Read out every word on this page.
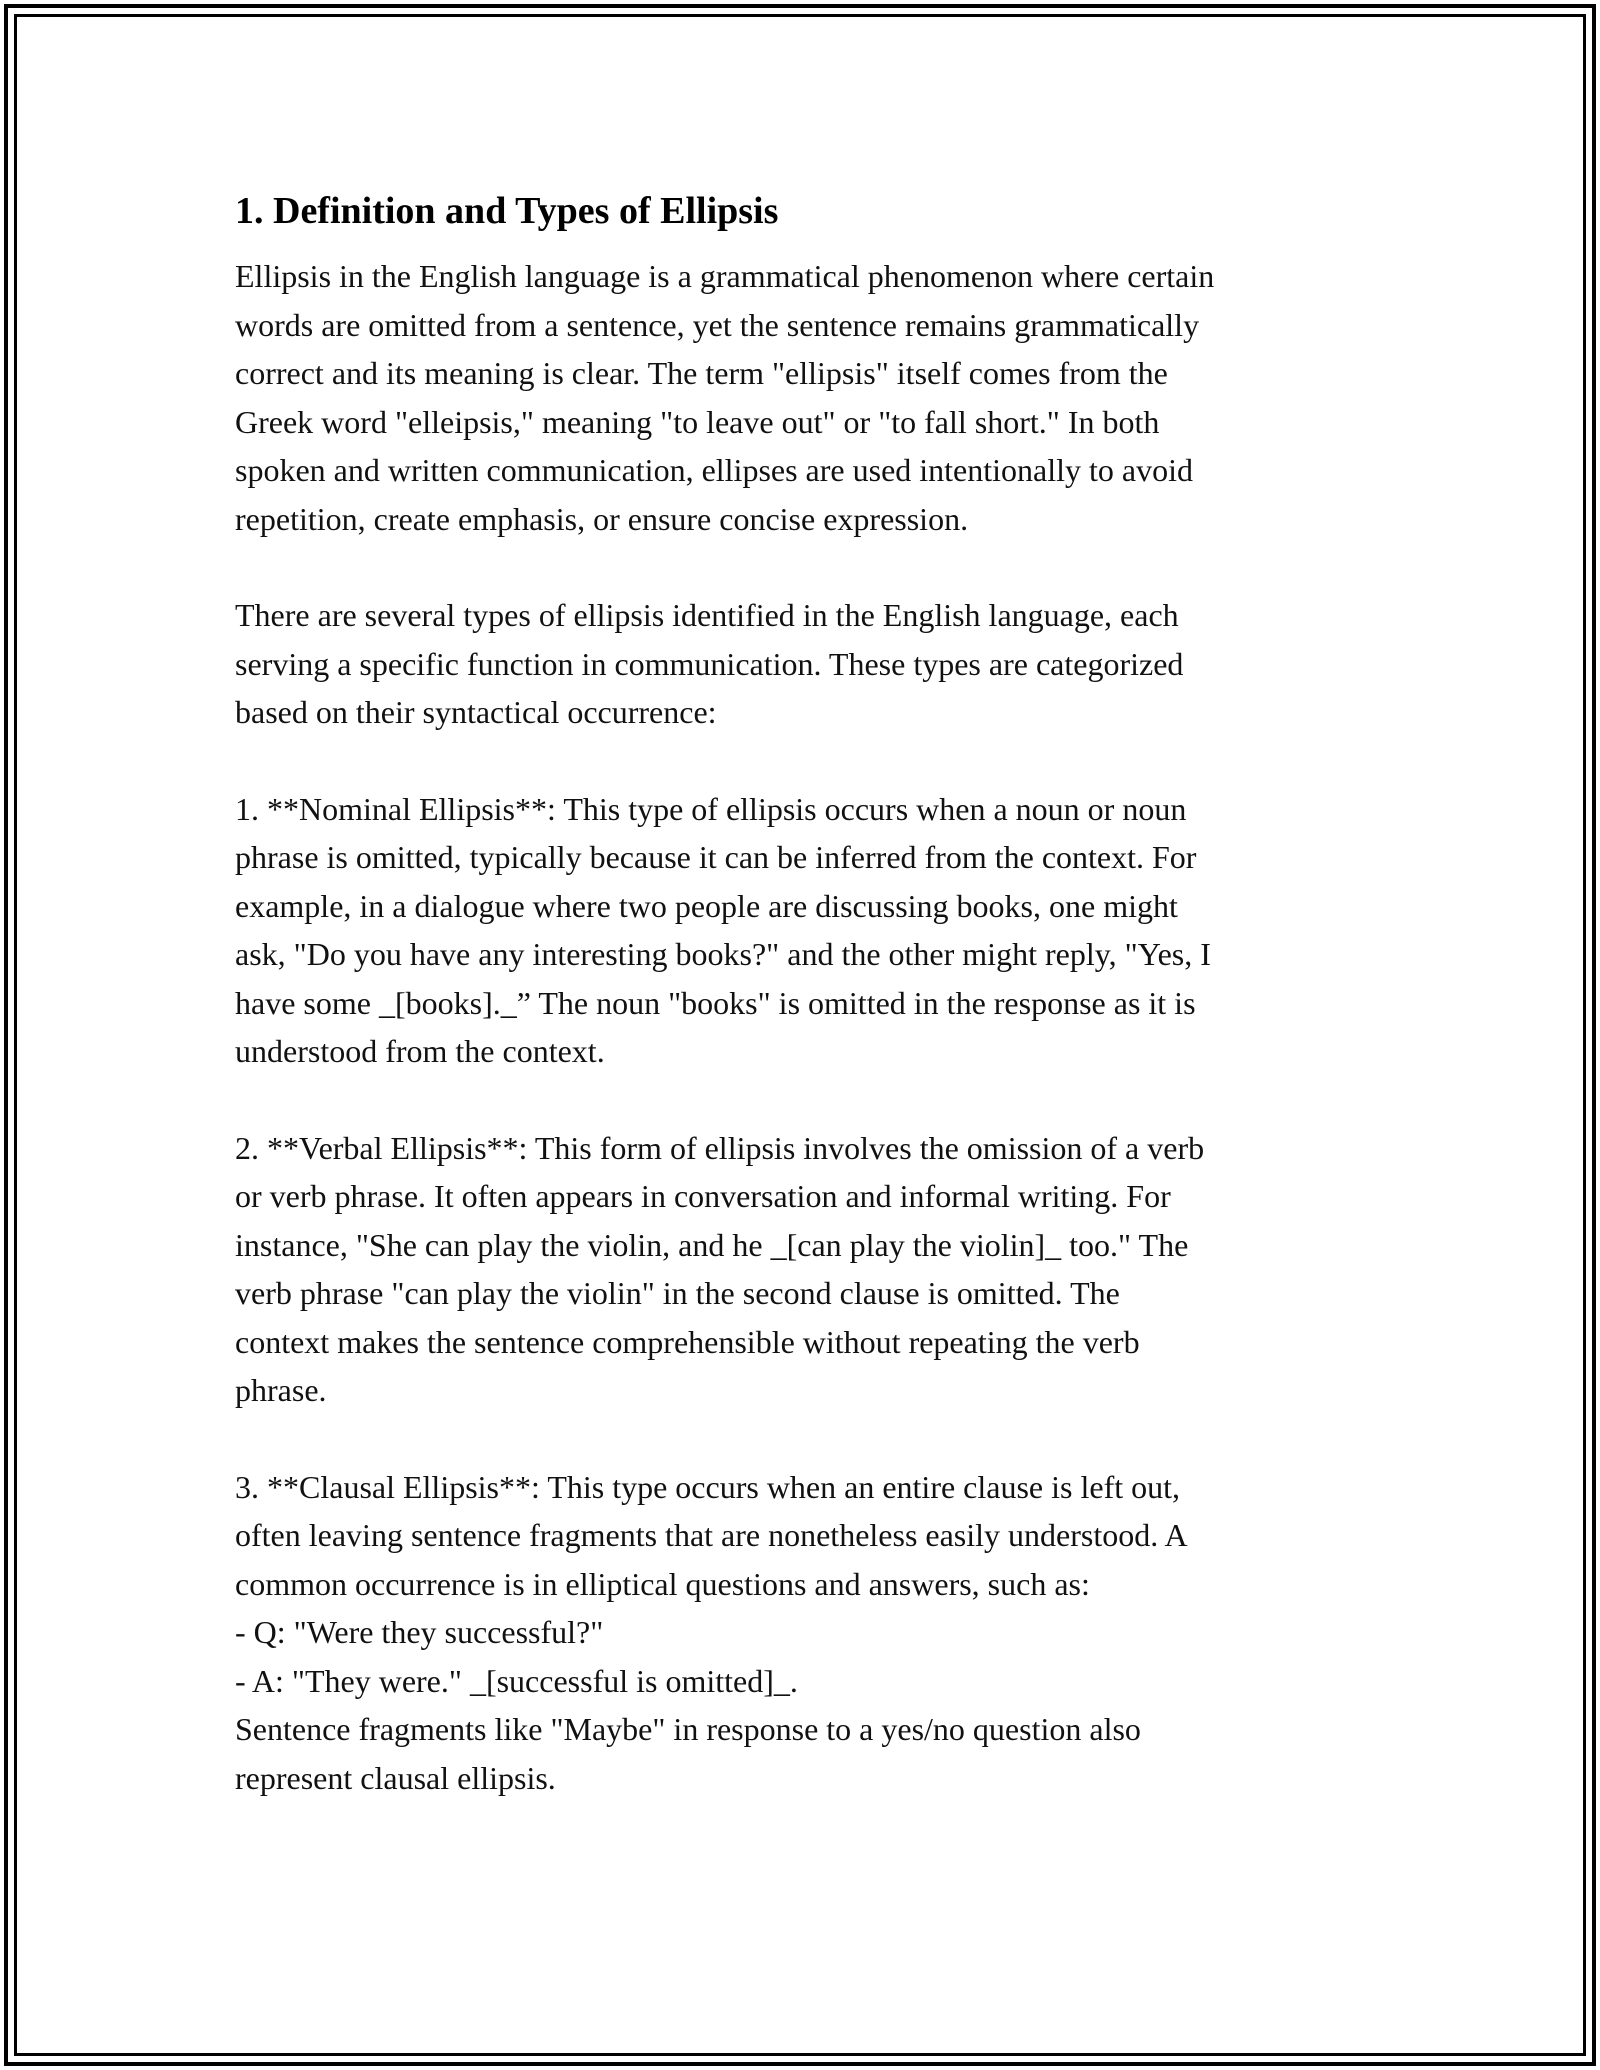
1. Definition and Types of Ellipsis

Ellipsis in the English language is a grammatical phenomenon where certain
words are omitted from a sentence, yet the sentence remains grammatically
correct and its meaning is clear. The term "ellipsis" itself comes from the
Greek word "elleipsis," meaning "to leave out" or "to fall short." In both
spoken and written communication, ellipses are used intentionally to avoid
repetition, create emphasis, or ensure concise expression.

There are several types of ellipsis identified in the English language, each
serving a specific function in communication. These types are categorized
based on their syntactical occurrence:

1. **Nominal Ellipsis**: This type of ellipsis occurs when a noun or noun
phrase is omitted, typically because it can be inferred from the context. For
example, in a dialogue where two people are discussing books, one might
ask, "Do you have any interesting books?" and the other might reply, "Yes, I
have some _[books]._” The noun "books" is omitted in the response as it is
understood from the context.

2. **Verbal Ellipsis**: This form of ellipsis involves the omission of a verb
or verb phrase. It often appears in conversation and informal writing. For
instance, "She can play the violin, and he _[can play the violin]_ too." The
verb phrase "can play the violin" in the second clause is omitted. The
context makes the sentence comprehensible without repeating the verb
phrase.

3. **Clausal Ellipsis**: This type occurs when an entire clause is left out,
often leaving sentence fragments that are nonetheless easily understood. A
common occurrence is in elliptical questions and answers, such as:
- Q: "Were they successful?"
- A: "They were." _[successful is omitted]_.
Sentence fragments like "Maybe" in response to a yes/no question also
represent clausal ellipsis.
